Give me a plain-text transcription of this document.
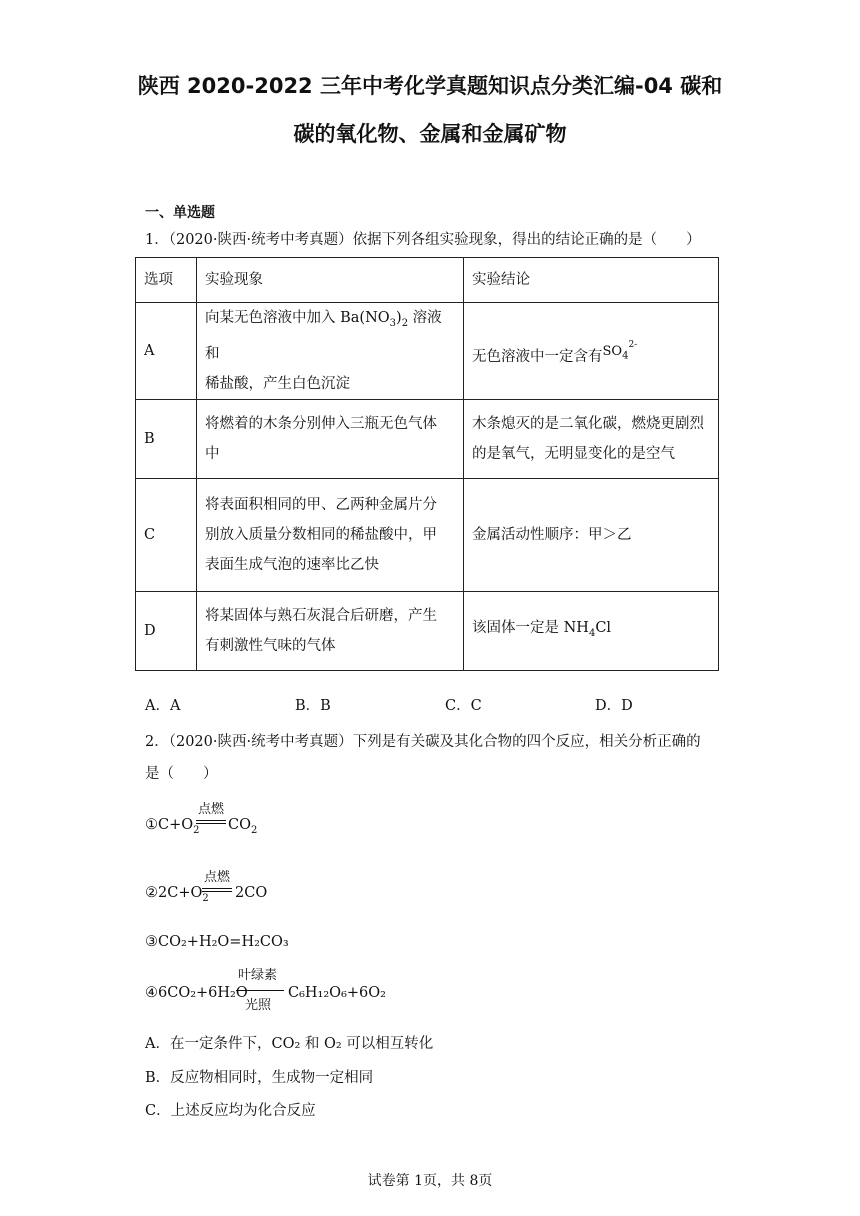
陕西 2020-2022 三年中考化学真题知识点分类汇编-04 碳和
碳的氧化物、金属和金属矿物
一、单选题
1．（2020·陕西·统考中考真题）依据下列各组实验现象，得出的结论正确的是（　　）
选项	实验现象	实验结论
A	向某无色溶液中加入 $Ba(NO_3)_2$ 溶液和
稀盐酸，产生白色沉淀	无色溶液中一定含有$SO_4^{2-}$
B	将燃着的木条分别伸入三瓶无色气体
中	木条熄灭的是二氧化碳，燃烧更剧烈
的是氧气，无明显变化的是空气
C	将表面积相同的甲、乙两种金属片分
别放入质量分数相同的稀盐酸中，甲
表面生成气泡的速率比乙快	金属活动性顺序：甲＞乙
D	将某固体与熟石灰混合后研磨，产生
有刺激性气味的气体	该固体一定是 $NH_4Cl$
A．A	B．B	C．C	D．D
2．（2020·陕西·统考中考真题）下列是有关碳及其化合物的四个反应，相关分析正确的
是（　　）
$①C+O_2$
点燃
$CO_2$
$②2C+O_2$
点燃
2CO
③CO₂+H₂O=H₂CO₃
④6CO₂+6H₂O
叶绿素
光照
C₆H₁₂O₆+6O₂
A．在一定条件下，CO₂ 和 O₂ 可以相互转化
B．反应物相同时，生成物一定相同
C．上述反应均为化合反应
试卷第 1页，共 8页
